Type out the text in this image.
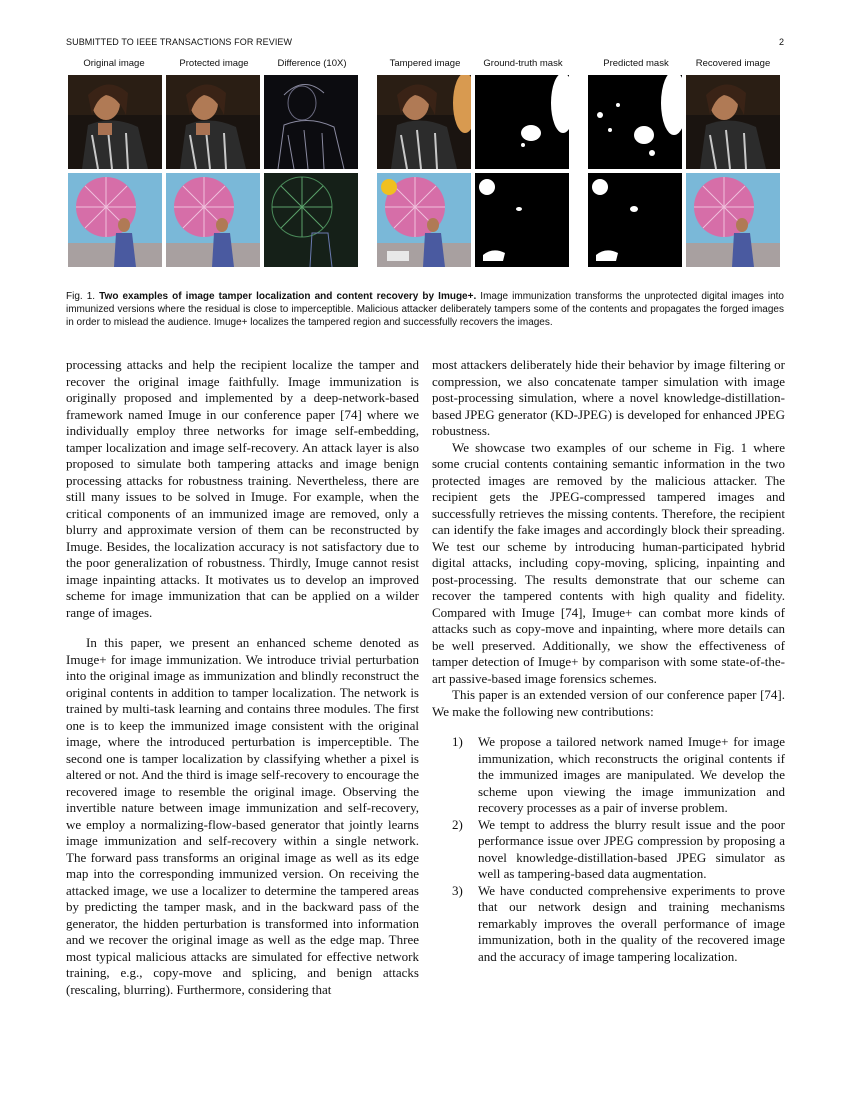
SUBMITTED TO IEEE TRANSACTIONS FOR REVIEW	2
Original image	Protected image	Difference (10X)	Tampered image	Ground-truth mask	Predicted mask	Recovered image
Fig. 1. Two examples of image tamper localization and content recovery by Imuge+. Image immunization transforms the unprotected digital images into immunized versions where the residual is close to imperceptible. Malicious attacker deliberately tampers some of the contents and propagates the forged images in order to mislead the audience. Imuge+ localizes the tampered region and successfully recovers the images.

processing attacks and help the recipient localize the tamper and recover the original image faithfully. Image immunization is originally proposed and implemented by a deep-network-based framework named Imuge in our conference paper [74] where we individually employ three networks for image self-embedding, tamper localization and image self-recovery. An attack layer is also proposed to simulate both tampering attacks and image benign processing attacks for robustness training. Nevertheless, there are still many issues to be solved in Imuge. For example, when the critical components of an immunized image are removed, only a blurry and approximate version of them can be reconstructed by Imuge. Besides, the localization accuracy is not satisfactory due to the poor generalization of robustness. Thirdly, Imuge cannot resist image inpainting attacks. It motivates us to develop an improved scheme for image immunization that can be applied on a wilder range of images.

In this paper, we present an enhanced scheme denoted as Imuge+ for image immunization. We introduce trivial perturbation into the original image as immunization and blindly reconstruct the original contents in addition to tamper localization. The network is trained by multi-task learning and contains three modules. The first one is to keep the immunized image consistent with the original image, where the introduced perturbation is imperceptible. The second one is tamper localization by classifying whether a pixel is altered or not. And the third is image self-recovery to encourage the recovered image to resemble the original image. Observing the invertible nature between image immunization and self-recovery, we employ a normalizing-flow-based generator that jointly learns image immunization and self-recovery within a single network. The forward pass transforms an original image as well as its edge map into the corresponding immunized version. On receiving the attacked image, we use a localizer to determine the tampered areas by predicting the tamper mask, and in the backward pass of the generator, the hidden perturbation is transformed into information and we recover the original image as well as the edge map. Three most typical malicious attacks are simulated for effective network training, e.g., copy-move and splicing, and benign attacks (rescaling, blurring). Furthermore, considering that

most attackers deliberately hide their behavior by image filtering or compression, we also concatenate tamper simulation with image post-processing simulation, where a novel knowledge-distillation-based JPEG generator (KD-JPEG) is developed for enhanced JPEG robustness.

We showcase two examples of our scheme in Fig. 1 where some crucial contents containing semantic information in the two protected images are removed by the malicious attacker. The recipient gets the JPEG-compressed tampered images and successfully retrieves the missing contents. Therefore, the recipient can identify the fake images and accordingly block their spreading. We test our scheme by introducing human-participated hybrid digital attacks, including copy-moving, splicing, inpainting and post-processing. The results demonstrate that our scheme can recover the tampered contents with high quality and fidelity. Compared with Imuge [74], Imuge+ can combat more kinds of attacks such as copy-move and inpainting, where more details can be well preserved. Additionally, we show the effectiveness of tamper detection of Imuge+ by comparison with some state-of-the-art passive-based image forensics schemes.

This paper is an extended version of our conference paper [74]. We make the following new contributions:

1)	We propose a tailored network named Imuge+ for image immunization, which reconstructs the original contents if the immunized images are manipulated. We develop the scheme upon viewing the image immunization and recovery processes as a pair of inverse problem.
2)	We tempt to address the blurry result issue and the poor performance issue over JPEG compression by proposing a novel knowledge-distillation-based JPEG simulator as well as tampering-based data augmentation.
3)	We have conducted comprehensive experiments to prove that our network design and training mechanisms remarkably improves the overall performance of image immunization, both in the quality of the recovered image and the accuracy of image tampering localization.
